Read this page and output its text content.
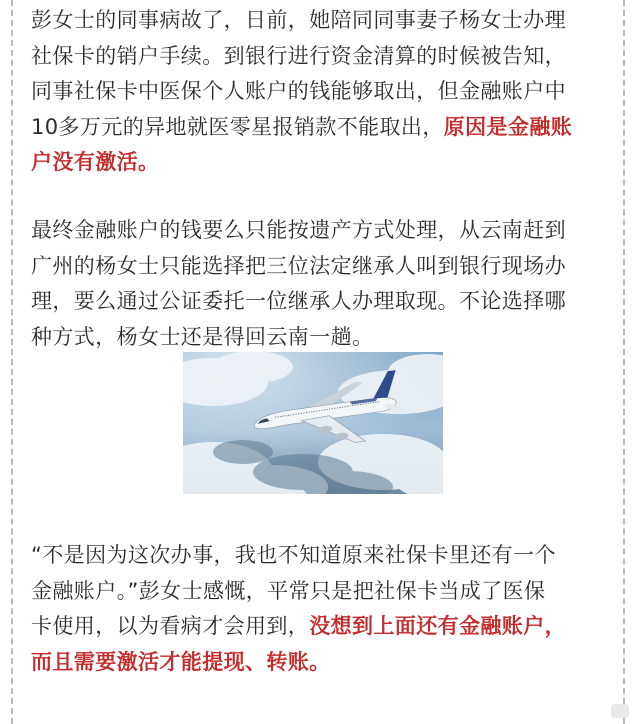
彭女士的同事病故了，日前，她陪同同事妻子杨女士办理
社保卡的销户手续。到银行进行资金清算的时候被告知，
同事社保卡中医保个人账户的钱能够取出，但金融账户中
10多万元的异地就医零星报销款不能取出，原因是金融账
户没有激活。
最终金融账户的钱要么只能按遗产方式处理，从云南赶到
广州的杨女士只能选择把三位法定继承人叫到银行现场办
理，要么通过公证委托一位继承人办理取现。不论选择哪
种方式，杨女士还是得回云南一趟。
“不是因为这次办事，我也不知道原来社保卡里还有一个
金融账户。”彭女士感慨，平常只是把社保卡当成了医保
卡使用，以为看病才会用到，没想到上面还有金融账户，
而且需要激活才能提现、转账。
